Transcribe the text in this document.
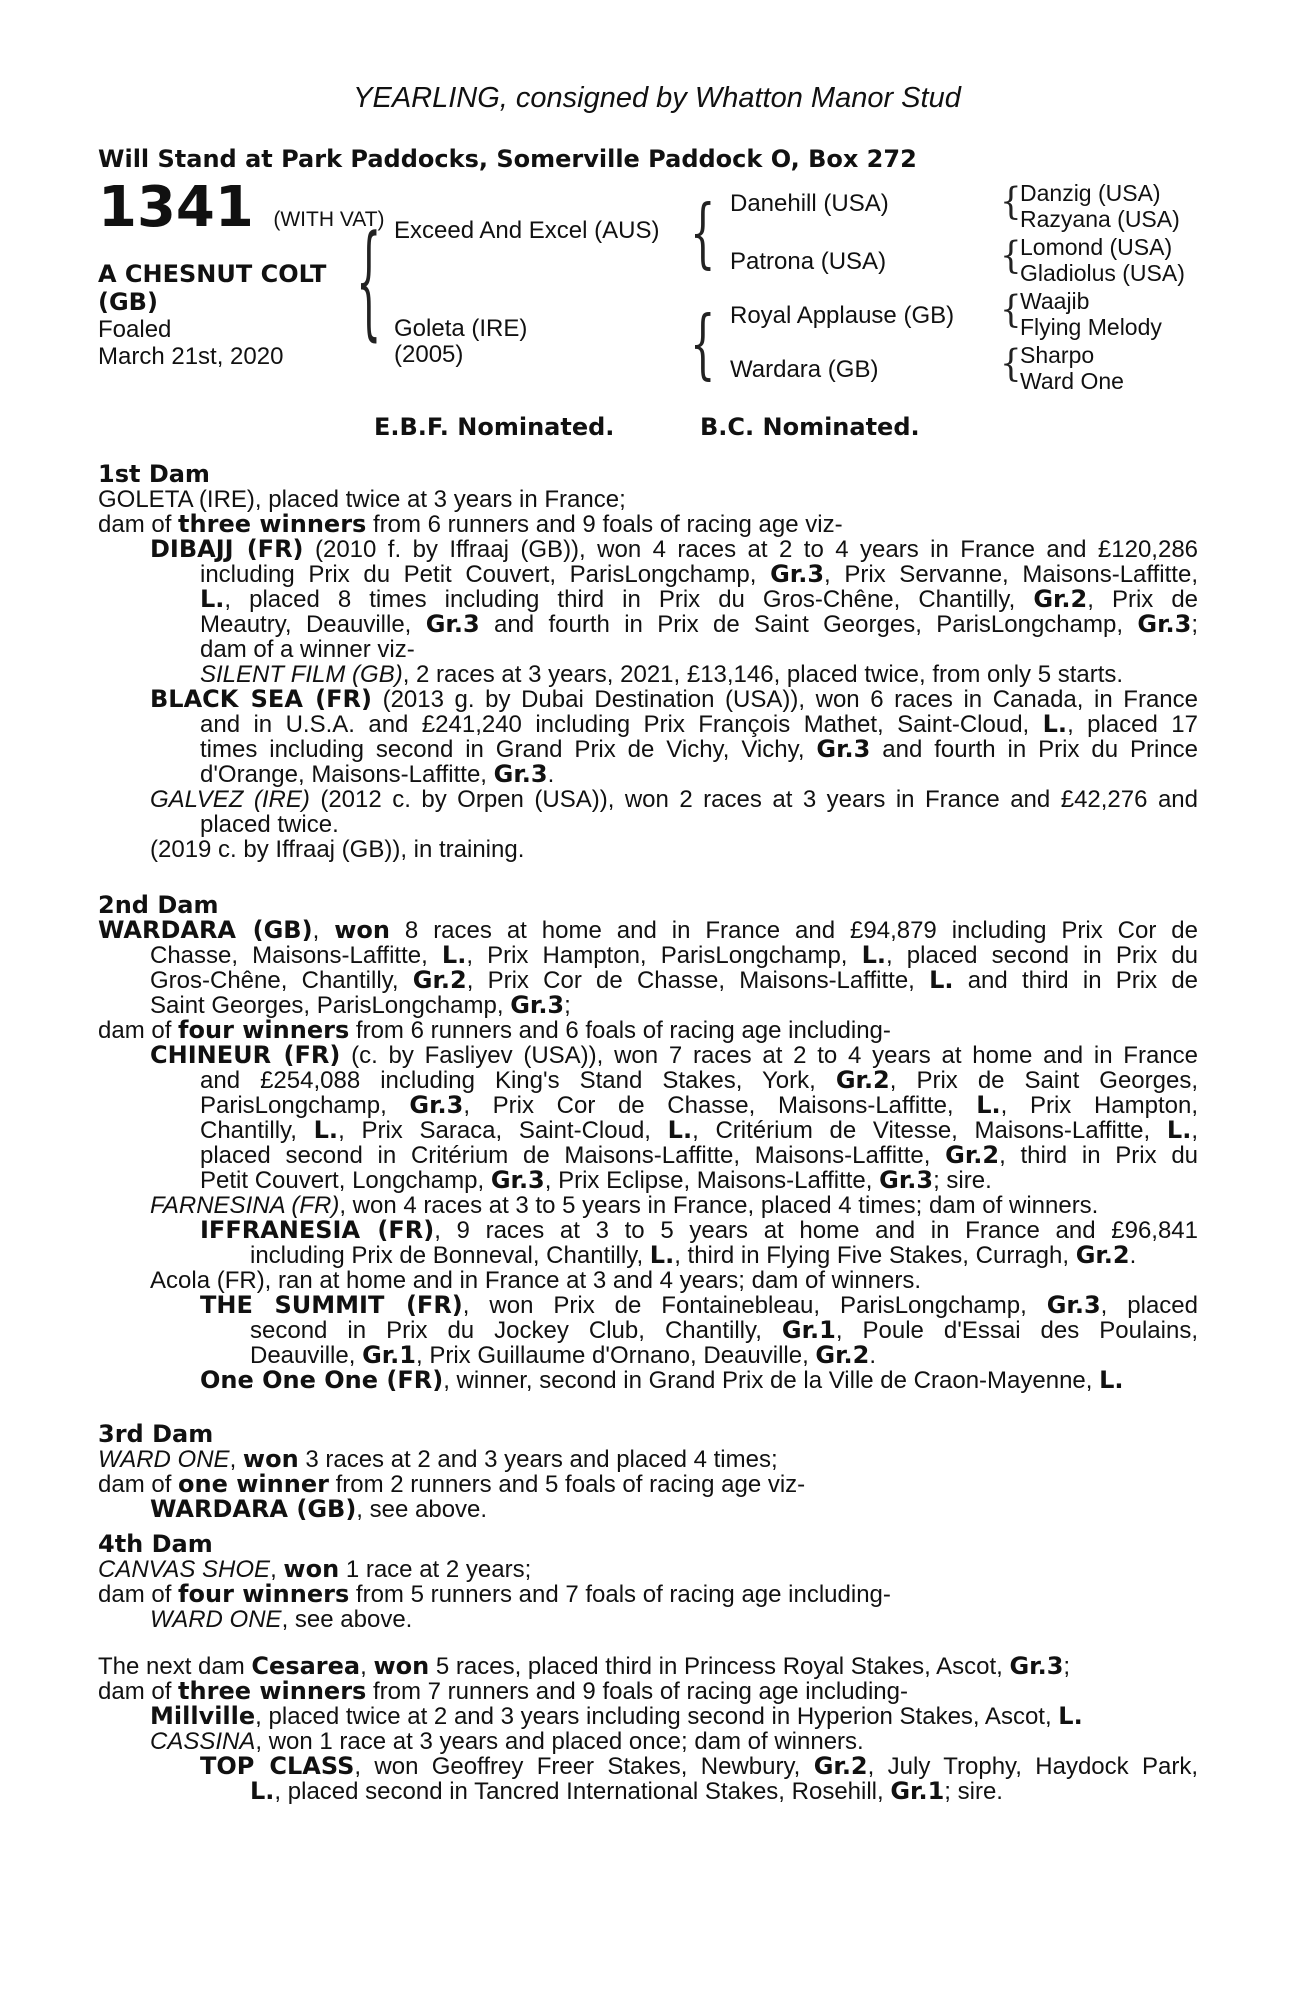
YEARLING, consigned by Whatton Manor Stud
Will Stand at Park Paddocks, Somerville Paddock O, Box 272
1341 (WITH VAT)
A CHESNUT COLT
(GB)
Foaled
March 21st, 2020
{	{
{
{
{
{
{
Exceed And Excel (AUS)
Goleta (IRE)
(2005)
Danehill (USA)
Patrona (USA)
Royal Applause (GB)
Wardara (GB)
Danzig (USA)
Razyana (USA)
Lomond (USA)
Gladiolus (USA)
Waajib
Flying Melody
Sharpo
Ward One
E.B.F. Nominated.	B.C. Nominated.
1st Dam
GOLETA (IRE), placed twice at 3 years in France;
dam of three winners from 6 runners and 9 foals of racing age viz-
DIBAJJ (FR) (2010 f. by Iffraaj (GB)), won 4 races at 2 to 4 years in France and £120,286
including Prix du Petit Couvert, ParisLongchamp, Gr.3, Prix Servanne, Maisons-Laffitte,
L., placed 8 times including third in Prix du Gros-Chêne, Chantilly, Gr.2, Prix de
Meautry, Deauville, Gr.3 and fourth in Prix de Saint Georges, ParisLongchamp, Gr.3;
dam of a winner viz-
SILENT FILM (GB), 2 races at 3 years, 2021, £13,146, placed twice, from only 5 starts.
BLACK SEA (FR) (2013 g. by Dubai Destination (USA)), won 6 races in Canada, in France
and in U.S.A. and £241,240 including Prix François Mathet, Saint-Cloud, L., placed 17
times including second in Grand Prix de Vichy, Vichy, Gr.3 and fourth in Prix du Prince
d'Orange, Maisons-Laffitte, Gr.3.
GALVEZ (IRE) (2012 c. by Orpen (USA)), won 2 races at 3 years in France and £42,276 and
placed twice.
(2019 c. by Iffraaj (GB)), in training.
2nd Dam
WARDARA (GB), won 8 races at home and in France and £94,879 including Prix Cor de
Chasse, Maisons-Laffitte, L., Prix Hampton, ParisLongchamp, L., placed second in Prix du
Gros-Chêne, Chantilly, Gr.2, Prix Cor de Chasse, Maisons-Laffitte, L. and third in Prix de
Saint Georges, ParisLongchamp, Gr.3;
dam of four winners from 6 runners and 6 foals of racing age including-
CHINEUR (FR) (c. by Fasliyev (USA)), won 7 races at 2 to 4 years at home and in France
and £254,088 including King's Stand Stakes, York, Gr.2, Prix de Saint Georges,
ParisLongchamp, Gr.3, Prix Cor de Chasse, Maisons-Laffitte, L., Prix Hampton,
Chantilly, L., Prix Saraca, Saint-Cloud, L., Critérium de Vitesse, Maisons-Laffitte, L.,
placed second in Critérium de Maisons-Laffitte, Maisons-Laffitte, Gr.2, third in Prix du
Petit Couvert, Longchamp, Gr.3, Prix Eclipse, Maisons-Laffitte, Gr.3; sire.
FARNESINA (FR), won 4 races at 3 to 5 years in France, placed 4 times; dam of winners.
IFFRANESIA (FR), 9 races at 3 to 5 years at home and in France and £96,841
including Prix de Bonneval, Chantilly, L., third in Flying Five Stakes, Curragh, Gr.2.
Acola (FR), ran at home and in France at 3 and 4 years; dam of winners.
THE SUMMIT (FR), won Prix de Fontainebleau, ParisLongchamp, Gr.3, placed
second in Prix du Jockey Club, Chantilly, Gr.1, Poule d'Essai des Poulains,
Deauville, Gr.1, Prix Guillaume d'Ornano, Deauville, Gr.2.
One One One (FR), winner, second in Grand Prix de la Ville de Craon-Mayenne, L.
3rd Dam
WARD ONE, won 3 races at 2 and 3 years and placed 4 times;
dam of one winner from 2 runners and 5 foals of racing age viz-
WARDARA (GB), see above.
4th Dam
CANVAS SHOE, won 1 race at 2 years;
dam of four winners from 5 runners and 7 foals of racing age including-
WARD ONE, see above.
The next dam Cesarea, won 5 races, placed third in Princess Royal Stakes, Ascot, Gr.3;
dam of three winners from 7 runners and 9 foals of racing age including-
Millville, placed twice at 2 and 3 years including second in Hyperion Stakes, Ascot, L.
CASSINA, won 1 race at 3 years and placed once; dam of winners.
TOP CLASS, won Geoffrey Freer Stakes, Newbury, Gr.2, July Trophy, Haydock Park,
L., placed second in Tancred International Stakes, Rosehill, Gr.1; sire.
